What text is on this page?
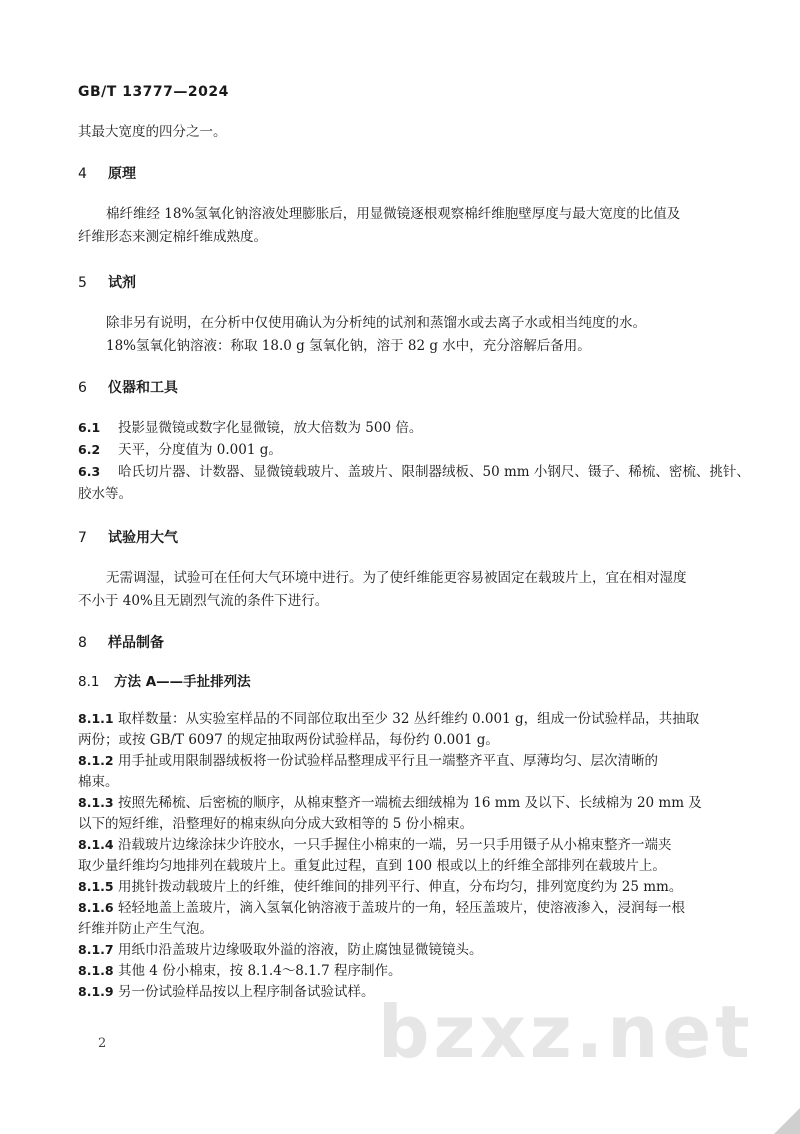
GB/T 13777—2024
其最大宽度的四分之一。
4 原理
棉纤维经 18%氢氧化钠溶液处理膨胀后，用显微镜逐根观察棉纤维胞壁厚度与最大宽度的比值及
纤维形态来测定棉纤维成熟度。
5 试剂
除非另有说明，在分析中仅使用确认为分析纯的试剂和蒸馏水或去离子水或相当纯度的水。
18%氢氧化钠溶液：称取 18.0 g 氢氧化钠，溶于 82 g 水中，充分溶解后备用。
6 仪器和工具
6.1 投影显微镜或数字化显微镜，放大倍数为 500 倍。
6.2 天平，分度值为 0.001 g。
6.3 哈氏切片器、计数器、显微镜载玻片、盖玻片、限制器绒板、50 mm 小钢尺、镊子、稀梳、密梳、挑针、
胶水等。
7 试验用大气
无需调湿，试验可在任何大气环境中进行。为了使纤维能更容易被固定在载玻片上，宜在相对湿度
不小于 40%且无剧烈气流的条件下进行。
8 样品制备
8.1 方法 A——手扯排列法
8.1.1 取样数量：从实验室样品的不同部位取出至少 32 丛纤维约 0.001 g，组成一份试验样品，共抽取
两份；或按 GB/T 6097 的规定抽取两份试验样品，每份约 0.001 g。
8.1.2 用手扯或用限制器绒板将一份试验样品整理成平行且一端整齐平直、厚薄均匀、层次清晰的
棉束。
8.1.3 按照先稀梳、后密梳的顺序，从棉束整齐一端梳去细绒棉为 16 mm 及以下、长绒棉为 20 mm 及
以下的短纤维，沿整理好的棉束纵向分成大致相等的 5 份小棉束。
8.1.4 沿载玻片边缘涂抹少许胶水，一只手握住小棉束的一端，另一只手用镊子从小棉束整齐一端夹
取少量纤维均匀地排列在载玻片上。重复此过程，直到 100 根或以上的纤维全部排列在载玻片上。
8.1.5 用挑针拨动载玻片上的纤维，使纤维间的排列平行、伸直，分布均匀，排列宽度约为 25 mm。
8.1.6 轻轻地盖上盖玻片，滴入氢氧化钠溶液于盖玻片的一角，轻压盖玻片，使溶液渗入，浸润每一根
纤维并防止产生气泡。
8.1.7 用纸巾沿盖玻片边缘吸取外溢的溶液，防止腐蚀显微镜镜头。
8.1.8 其他 4 份小棉束，按 8.1.4～8.1.7 程序制作。
8.1.9 另一份试验样品按以上程序制备试验试样。 bzxz.net
2
